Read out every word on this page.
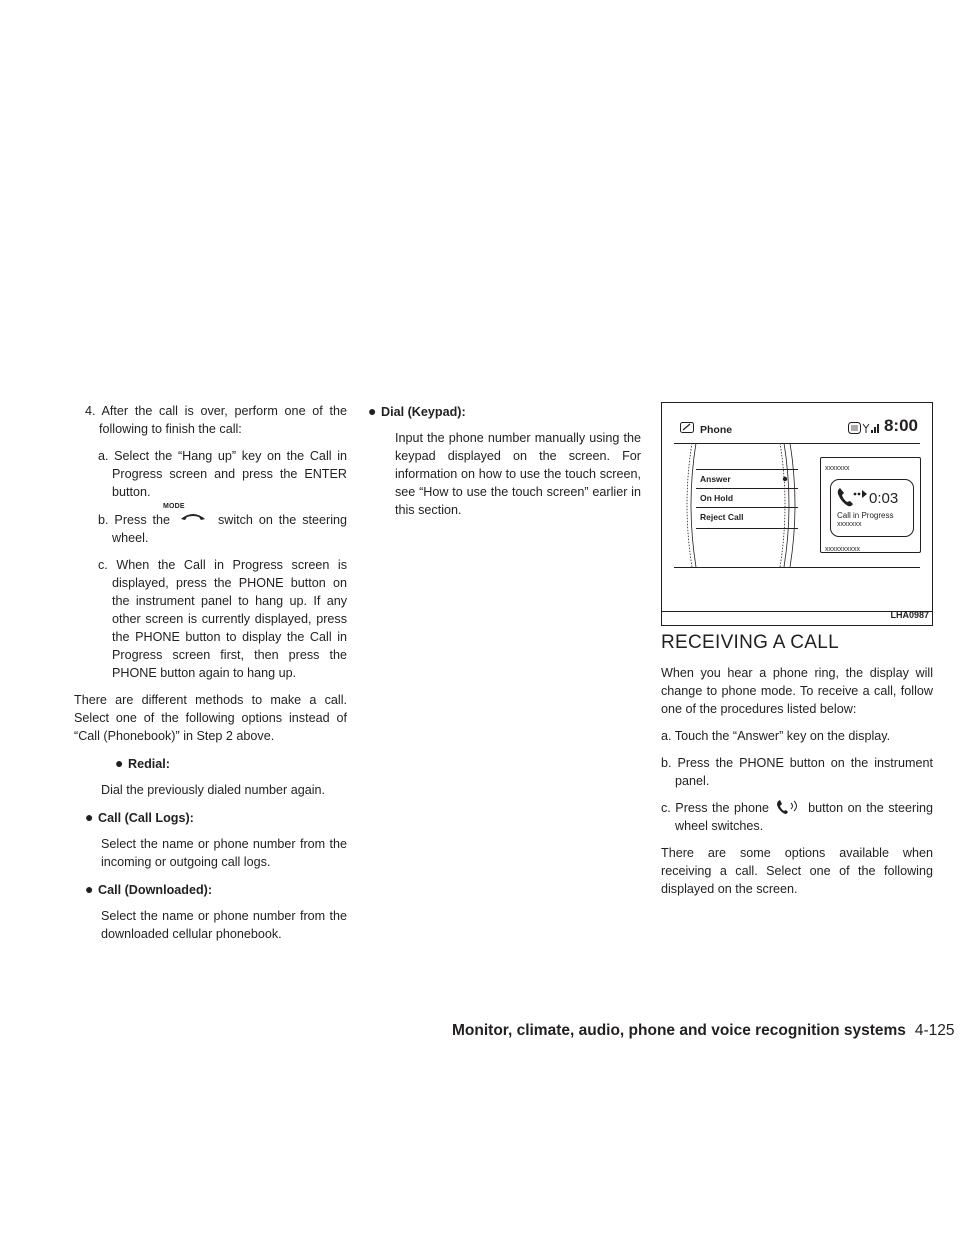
4. After the call is over, perform one of the following to finish the call:

a. Select the “Hang up” key on the Call in Progress screen and press the ENTER button.

b. Press the
MODE
switch on the steering wheel.

c. When the Call in Progress screen is displayed, press the PHONE button on the instrument panel to hang up. If any other screen is currently displayed, press the PHONE button to display the Call in Progress screen first, then press the PHONE button again to hang up.

There are different methods to make a call. Select one of the following options instead of “Call (Phonebook)” in Step 2 above.

● Redial:

Dial the previously dialed number again.

● Call (Call Logs):

Select the name or phone number from the incoming or outgoing call logs.

● Call (Downloaded):

Select the name or phone number from the downloaded cellular phonebook.

● Dial (Keypad):

Input the phone number manually using the keypad displayed on the screen. For information on how to use the touch screen, see “How to use the touch screen” earlier in this section.

Phone	8:00
Answer
On Hold
Reject Call
xxxxxxx
0:03
Call in Progress
xxxxxxx
xxxxxxxxxx
LHA0987
RECEIVING A CALL

When you hear a phone ring, the display will change to phone mode. To receive a call, follow one of the procedures listed below:

a. Touch the “Answer” key on the display.

b. Press the PHONE button on the instrument panel.

c. Press the phone	button on the steering wheel switches.

There are some options available when receiving a call. Select one of the following displayed on the screen.

Monitor, climate, audio, phone and voice recognition systems 4-125
